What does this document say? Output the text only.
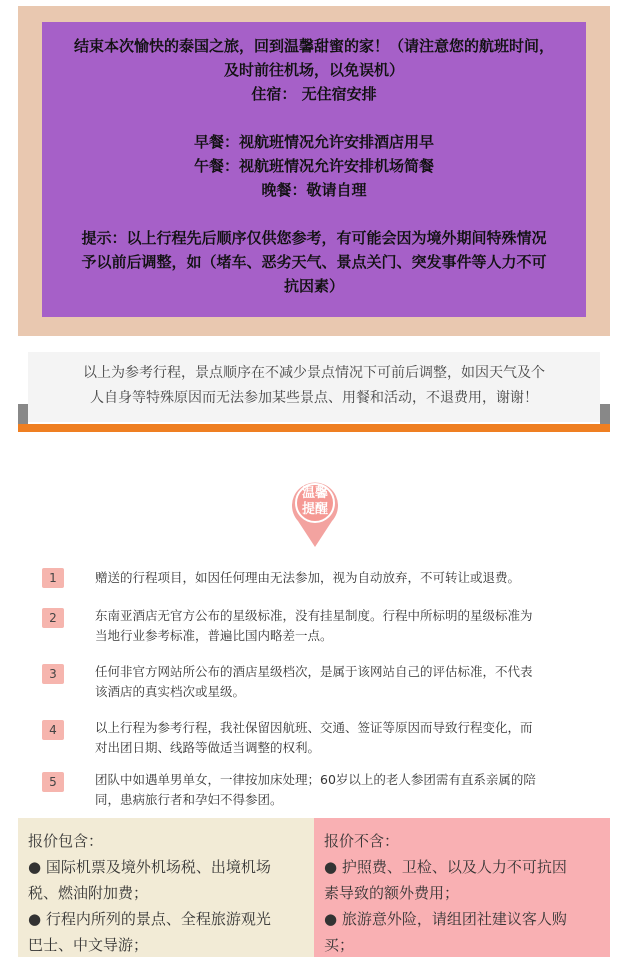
结束本次愉快的泰国之旅，回到温馨甜蜜的家！（请注意您的航班时间，

及时前往机场，以免误机）

住宿： 无住宿安排

早餐：视航班情况允许安排酒店用早

午餐：视航班情况允许安排机场简餐

晚餐：敬请自理

提示：以上行程先后顺序仅供您参考，有可能会因为境外期间特殊情况

予以前后调整，如（堵车、恶劣天气、景点关门、突发事件等人力不可

抗因素）

以上为参考行程，景点顺序在不减少景点情况下可前后调整，如因天气及个

人自身等特殊原因而无法参加某些景点、用餐和活动，不退费用，谢谢！

温馨
提醒
1	赠送的行程项目，如因任何理由无法参加，视为自动放弃，不可转让或退费。
2	东南亚酒店无官方公布的星级标准，没有挂星制度。行程中所标明的星级标准为
当地行业参考标准，普遍比国内略差一点。
3	任何非官方网站所公布的酒店星级档次，是属于该网站自己的评估标准，不代表
该酒店的真实档次或星级。
4	以上行程为参考行程，我社保留因航班、交通、签证等原因而导致行程变化，而
对出团日期、线路等做适当调整的权利。
5	团队中如遇单男单女，一律按加床处理；60岁以上的老人参团需有直系亲属的陪
同，患病旅行者和孕妇不得参团。
报价包含：
● 国际机票及境外机场税、出境机场
税、燃油附加费；
● 行程内所列的景点、全程旅游观光
巴士、中文导游；
报价不含：
● 护照费、卫检、以及人力不可抗因
素导致的额外费用；
● 旅游意外险，请组团社建议客人购
买；
